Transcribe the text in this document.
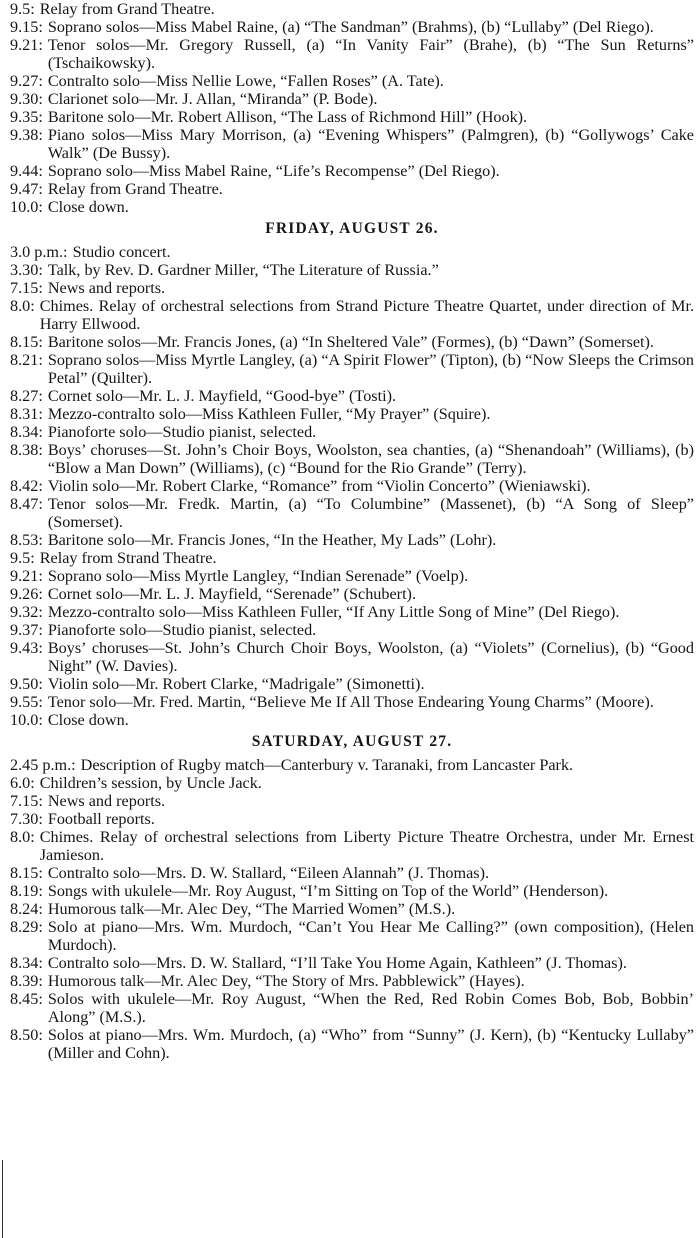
9.5: Relay from Grand Theatre.
9.15: Soprano solos—Miss Mabel Raine, (a) “The Sandman” (Brahms), (b) “Lullaby” (Del Riego).
9.21: Tenor solos—Mr. Gregory Russell, (a) “In Vanity Fair” (Brahe), (b) “The Sun Returns” (Tschaikowsky).
9.27: Contralto solo—Miss Nellie Lowe, “Fallen Roses” (A. Tate).
9.30: Clarionet solo—Mr. J. Allan, “Miranda” (P. Bode).
9.35: Baritone solo—Mr. Robert Allison, “The Lass of Richmond Hill” (Hook).
9.38: Piano solos—Miss Mary Morrison, (a) “Evening Whispers” (Palmgren), (b) “Gollywogs’ Cake Walk” (De Bussy).
9.44: Soprano solo—Miss Mabel Raine, “Life’s Recompense” (Del Riego).
9.47: Relay from Grand Theatre.
10.0: Close down.
FRIDAY, AUGUST 26.
3.0 p.m.: Studio concert.
3.30: Talk, by Rev. D. Gardner Miller, “The Literature of Russia.”
7.15: News and reports.
8.0: Chimes. Relay of orchestral selections from Strand Picture Theatre Quartet, under direction of Mr. Harry Ellwood.
8.15: Baritone solos—Mr. Francis Jones, (a) “In Sheltered Vale” (Formes), (b) “Dawn” (Somerset).
8.21: Soprano solos—Miss Myrtle Langley, (a) “A Spirit Flower” (Tipton), (b) “Now Sleeps the Crimson Petal” (Quilter).
8.27: Cornet solo—Mr. L. J. Mayfield, “Good-bye” (Tosti).
8.31: Mezzo-contralto solo—Miss Kathleen Fuller, “My Prayer” (Squire).
8.34: Pianoforte solo—Studio pianist, selected.
8.38: Boys’ choruses—St. John’s Choir Boys, Woolston, sea chanties, (a) “Shenandoah” (Williams), (b) “Blow a Man Down” (Williams), (c) “Bound for the Rio Grande” (Terry).
8.42: Violin solo—Mr. Robert Clarke, “Romance” from “Violin Concerto” (Wieniawski).
8.47: Tenor solos—Mr. Fredk. Martin, (a) “To Columbine” (Massenet), (b) “A Song of Sleep” (Somerset).
8.53: Baritone solo—Mr. Francis Jones, “In the Heather, My Lads” (Lohr).
9.5: Relay from Strand Theatre.
9.21: Soprano solo—Miss Myrtle Langley, “Indian Serenade” (Voelp).
9.26: Cornet solo—Mr. L. J. Mayfield, “Serenade” (Schubert).
9.32: Mezzo-contralto solo—Miss Kathleen Fuller, “If Any Little Song of Mine” (Del Riego).
9.37: Pianoforte solo—Studio pianist, selected.
9.43: Boys’ choruses—St. John’s Church Choir Boys, Woolston, (a) “Violets” (Cornelius), (b) “Good Night” (W. Davies).
9.50: Violin solo—Mr. Robert Clarke, “Madrigale” (Simonetti).
9.55: Tenor solo—Mr. Fred. Martin, “Believe Me If All Those Endearing Young Charms” (Moore).
10.0: Close down.
SATURDAY, AUGUST 27.
2.45 p.m.: Description of Rugby match—Canterbury v. Taranaki, from Lancaster Park.
6.0: Children’s session, by Uncle Jack.
7.15: News and reports.
7.30: Football reports.
8.0: Chimes. Relay of orchestral selections from Liberty Picture Theatre Orchestra, under Mr. Ernest Jamieson.
8.15: Contralto solo—Mrs. D. W. Stallard, “Eileen Alannah” (J. Thomas).
8.19: Songs with ukulele—Mr. Roy August, “I’m Sitting on Top of the World” (Henderson).
8.24: Humorous talk—Mr. Alec Dey, “The Married Women” (M.S.).
8.29: Solo at piano—Mrs. Wm. Murdoch, “Can’t You Hear Me Calling?” (own composition), (Helen Murdoch).
8.34: Contralto solo—Mrs. D. W. Stallard, “I’ll Take You Home Again, Kathleen” (J. Thomas).
8.39: Humorous talk—Mr. Alec Dey, “The Story of Mrs. Pabblewick” (Hayes).
8.45: Solos with ukulele—Mr. Roy August, “When the Red, Red Robin Comes Bob, Bob, Bobbin’ Along” (M.S.).
8.50: Solos at piano—Mrs. Wm. Murdoch, (a) “Who” from “Sunny” (J. Kern), (b) “Kentucky Lullaby” (Miller and Cohn).
